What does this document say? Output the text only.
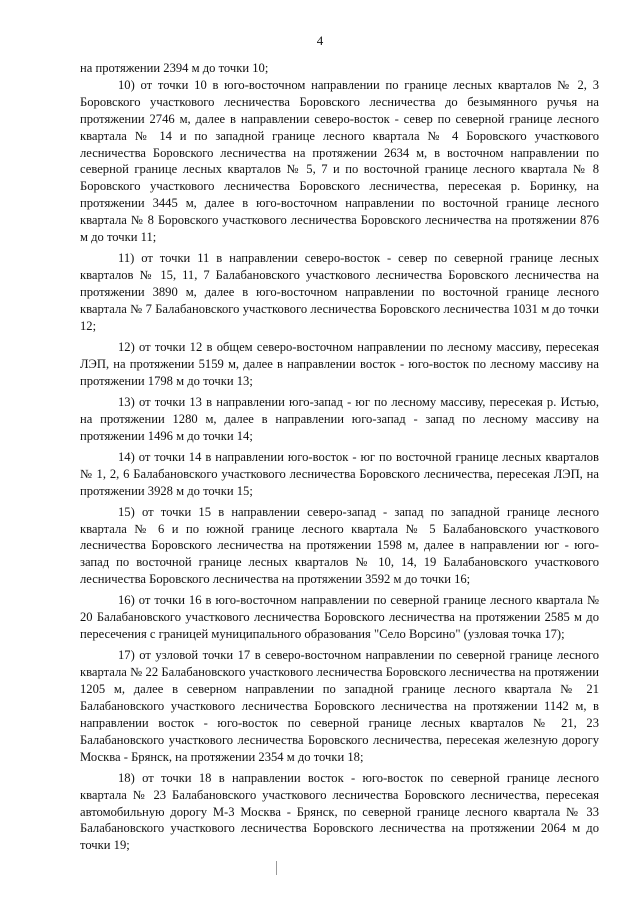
4

на протяжении 2394 м до точки 10;

10) от точки 10 в юго-восточном направлении по границе лесных кварталов № 2, 3 Боровского участкового лесничества Боровского лесничества до безымянного ручья на протяжении 2746 м, далее в направлении северо-восток - север по северной границе лесного квартала № 14 и по западной границе лесного квартала № 4 Боровского участкового лесничества Боровского лесничества на протяжении 2634 м, в восточном направлении по северной границе лесных кварталов № 5, 7 и по восточной границе лесного квартала № 8 Боровского участкового лесничества Боровского лесничества, пересекая р. Боринку, на протяжении 3445 м, далее в юго-восточном направлении по восточной границе лесного квартала № 8 Боровского участкового лесничества Боровского лесничества на протяжении 876 м до точки 11;

11) от точки 11 в направлении северо-восток - север по северной границе лесных кварталов № 15, 11, 7 Балабановского участкового лесничества Боровского лесничества на протяжении 3890 м, далее в юго-восточном направлении по восточной границе лесного квартала № 7 Балабановского участкового лесничества Боровского лесничества 1031 м до точки 12;

12) от точки 12 в общем северо-восточном направлении по лесному массиву, пересекая ЛЭП, на протяжении 5159 м, далее в направлении восток - юго-восток по лесному массиву на протяжении 1798 м до точки 13;

13) от точки 13 в направлении юго-запад - юг по лесному массиву, пересекая р. Истью, на протяжении 1280 м, далее в направлении юго-запад - запад по лесному массиву на протяжении 1496 м до точки 14;

14) от точки 14 в направлении юго-восток - юг по восточной границе лесных кварталов № 1, 2, 6 Балабановского участкового лесничества Боровского лесничества, пересекая ЛЭП, на протяжении 3928 м до точки 15;

15) от точки 15 в направлении северо-запад - запад по западной границе лесного квартала № 6 и по южной границе лесного квартала № 5 Балабановского участкового лесничества Боровского лесничества на протяжении 1598 м, далее в направлении юг - юго-запад по восточной границе лесных кварталов № 10, 14, 19 Балабановского участкового лесничества Боровского лесничества на протяжении 3592 м до точки 16;

16) от точки 16 в юго-восточном направлении по северной границе лесного квартала № 20 Балабановского участкового лесничества Боровского лесничества на протяжении 2585 м до пересечения с границей муниципального образования "Село Ворсино" (узловая точка 17);

17) от узловой точки 17 в северо-восточном направлении по северной границе лесного квартала № 22 Балабановского участкового лесничества Боровского лесничества на протяжении 1205 м, далее в северном направлении по западной границе лесного квартала № 21 Балабановского участкового лесничества Боровского лесничества на протяжении 1142 м, в направлении восток - юго-восток по северной границе лесных кварталов № 21, 23 Балабановского участкового лесничества Боровского лесничества, пересекая железную дорогу Москва - Брянск, на протяжении 2354 м до точки 18;

18) от точки 18 в направлении восток - юго-восток по северной границе лесного квартала № 23 Балабановского участкового лесничества Боровского лесничества, пересекая автомобильную дорогу М-3 Москва - Брянск, по северной границе лесного квартала № 33 Балабановского участкового лесничества Боровского лесничества на протяжении 2064 м до точки 19;
